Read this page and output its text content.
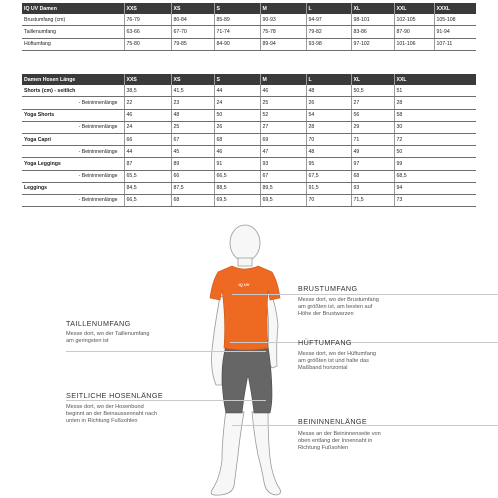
IQ UV Damen	XXS	XS	S	M	L	XL	XXL	XXXL
Brustumfang (cm)	76-79	80-84	85-89	90-93	94-97	98-101	102-105	105-108
Taillenumfang	63-66	67-70	71-74	75-78	79-82	83-86	87-90	91-94
Hüftumfang	75-80	79-85	84-90	89-94	93-98	97-102	101-106	107-11
Damen Hosen Länge	XXS	XS	S	M	L	XL	XXL
Shorts (cm) - seitlich	38,5	41,5	44	46	48	50,5	51
- Beininnenlänge	22	23	24	25	26	27	28
Yoga Shorts	46	48	50	52	54	56	58
- Beininnenlänge	24	25	26	27	28	29	30
Yoga Capri	66	67	68	69	70	71	72
- Beininnenlänge	44	45	46	47	48	49	50
Yoga Leggings	87	89	91	93	95	97	99
- Beininnenlänge	65,5	66	66,5	67	67,5	68	68,5
Leggings	84,5	87,5	88,5	89,5	91,5	93	94
- Beininnenlänge	66,5	68	69,5	69,5	70	71,5	73
iQ UV	BRUSTUMFANG
Messe dort, wo der Brustumfang
am größten ist, am besten auf
Höhe der Brustwarzen
TAILLENUMFANG
Messe dort, wo der Taillenumfang
am geringsten ist	HÜFTUMFANG
Messe dort, wo der Hüftumfang
am größten ist und halte das
Maßband horizontal
SEITLICHE HOSENLÄNGE
Messe dort, wo der Hosenbund
beginnt an der Beinaussennaht nach
unten in Richtung Fußsohlen	BEININNENLÄNGE
Messe an der Beininnenseite von
oben entlang der Innennaht in
Richtung Fußsohlen
